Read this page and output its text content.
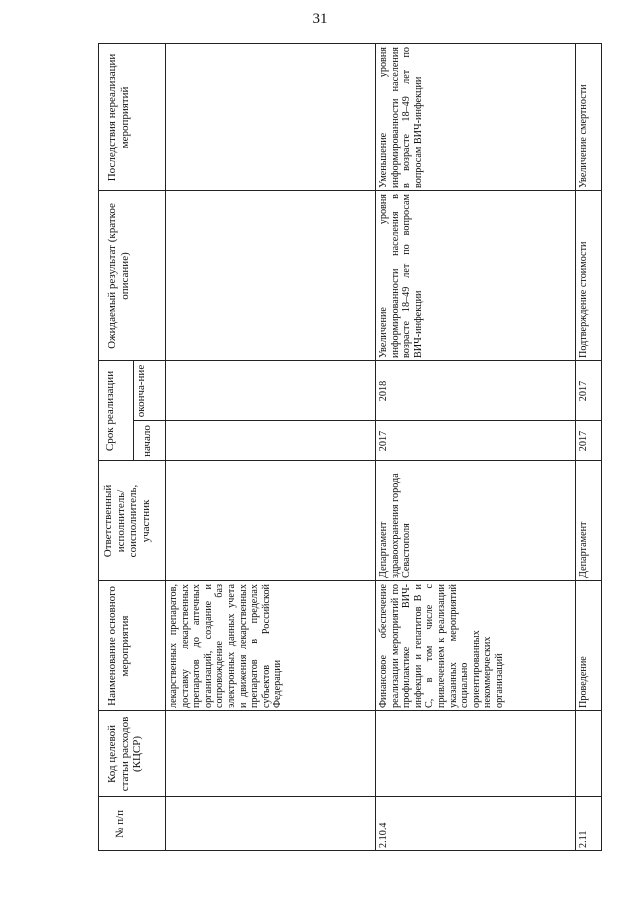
31
№ п/п
Код целевой статьи расходов (КЦСР)
Наименование основного мероприятия
Ответственный исполнитель/ соисполнитель, участник
Срок реализации	начало
оконча-ние
Ожидаемый результат (краткое описание)
Последствия нереализации мероприятий
лекарственных препаратов, доставку лекарственных препаратов до аптечных организаций, создание и сопровождение баз электронных данных учета и движения лекарственных препаратов в пределах субъектов Российской Федерации
2.10.4
Финансовое обеспечение реализации мероприятий по профилактике ВИЧ-инфекции и гепатитов В и С, в том числе с привлечением к реализации указанных мероприятий социально ориентированных некоммерческих организаций
Департамент здравоохранения города Севастополя
2017
2018
Увеличение уровня информированности населения в возрасте 18–49 лет по вопросам ВИЧ-инфекции
Уменьшение уровня информированности населения в возрасте 18–49 лет по вопросам ВИЧ-инфекции
2.11
Проведение
Департамент
2017
2017
Подтверждение стоимости
Увеличение смертности
